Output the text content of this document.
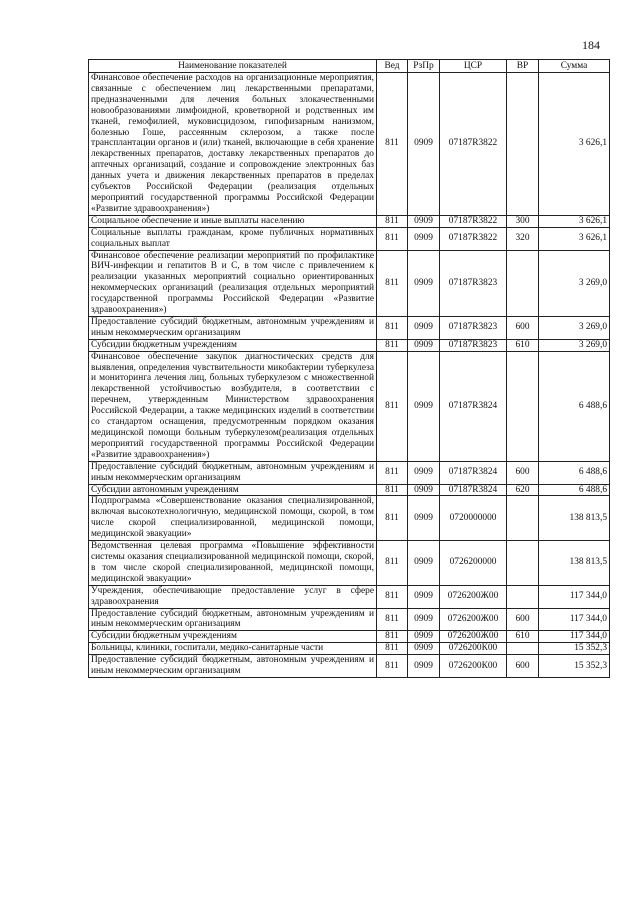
184
Наименование показателей	Вед	РзПр	ЦСР	ВР	Сумма
Финансовое обеспечение расходов на организационные мероприятия, связанные с обеспечением лиц лекарственными препаратами, предназначенными для лечения больных злокачественными новообразованиями лимфоидной, кроветворной и родственных им тканей, гемофилией, муковисцидозом, гипофизарным нанизмом, болезнью Гоше, рассеянным склерозом, а также после трансплантации органов и (или) тканей, включающие в себя хранение лекарственных препаратов, доставку лекарственных препаратов до аптечных организаций, создание и сопровождение электронных баз данных учета и движения лекарственных препаратов в пределах субъектов Российской Федерации (реализация отдельных мероприятий государственной программы Российской Федерации «Развитие здравоохранения»)	811	0909	07187R3822		3 626,1
Социальное обеспечение и иные выплаты населению	811	0909	07187R3822	300	3 626,1
Социальные выплаты гражданам, кроме публичных нормативных социальных выплат	811	0909	07187R3822	320	3 626,1
Финансовое обеспечение реализации мероприятий по профилактике ВИЧ-инфекции и гепатитов B и C, в том числе с привлечением к реализации указанных мероприятий социально ориентированных некоммерческих организаций (реализация отдельных мероприятий государственной программы Российской Федерации «Развитие здравоохранения»)	811	0909	07187R3823		3 269,0
Предоставление субсидий бюджетным, автономным учреждениям и иным некоммерческим организациям	811	0909	07187R3823	600	3 269,0
Субсидии бюджетным учреждениям	811	0909	07187R3823	610	3 269,0
Финансовое обеспечение закупок диагностических средств для выявления, определения чувствительности микобактерии туберкулеза и мониторинга лечения лиц, больных туберкулезом с множественной лекарственной устойчивостью возбудителя, в соответствии с перечнем, утвержденным Министерством здравоохранения Российской Федерации, а также медицинских изделий в соответствии со стандартом оснащения, предусмотренным порядком оказания медицинской помощи больным туберкулезом(реализация отдельных мероприятий государственной программы Российской Федерации «Развитие здравоохранения»)	811	0909	07187R3824		6 488,6
Предоставление субсидий бюджетным, автономным учреждениям и иным некоммерческим организациям	811	0909	07187R3824	600	6 488,6
Субсидии автономным учреждениям	811	0909	07187R3824	620	6 488,6
Подпрограмма «Совершенствование оказания специализированной, включая высокотехнологичную, медицинской помощи, скорой, в том числе скорой специализированной, медицинской помощи, медицинской эвакуации»	811	0909	0720000000		138 813,5
Ведомственная целевая программа «Повышение эффективности системы оказания специализированной медицинской помощи, скорой, в том числе скорой специализированной, медицинской помощи, медицинской эвакуации»	811	0909	0726200000		138 813,5
Учреждения, обеспечивающие предоставление услуг в сфере здравоохранения	811	0909	0726200Ж00		117 344,0
Предоставление субсидий бюджетным, автономным учреждениям и иным некоммерческим организациям	811	0909	0726200Ж00	600	117 344,0
Субсидии бюджетным учреждениям	811	0909	0726200Ж00	610	117 344,0
Больницы, клиники, госпитали, медико-санитарные части	811	0909	0726200К00		15 352,3
Предоставление субсидий бюджетным, автономным учреждениям и иным некоммерческим организациям	811	0909	0726200К00	600	15 352,3
